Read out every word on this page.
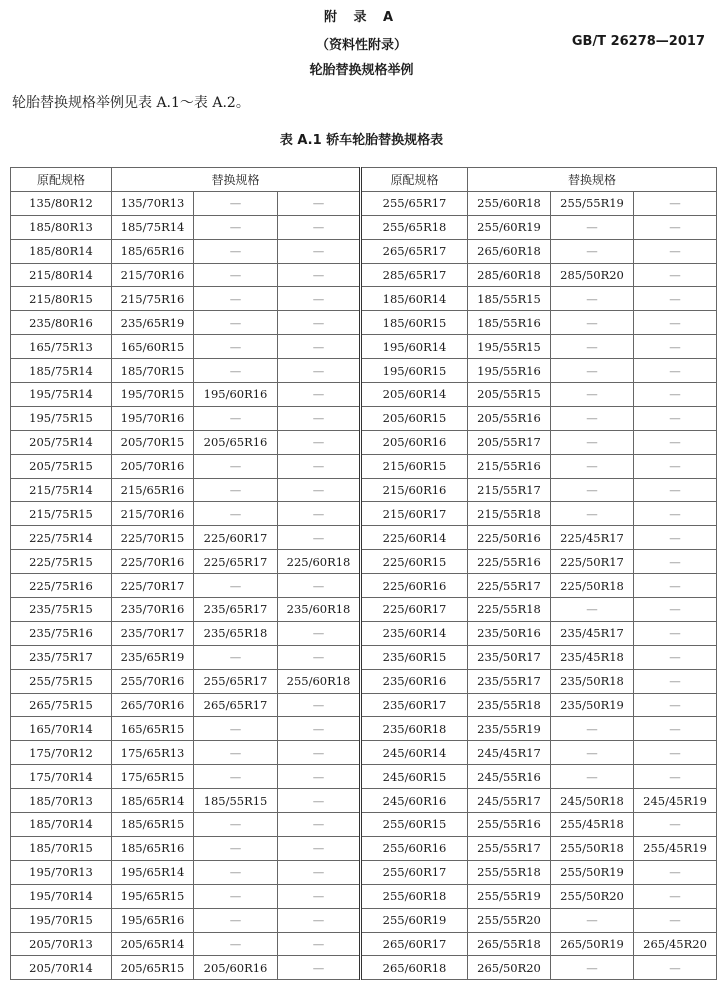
附 录 A
（资料性附录）	GB/T 26278—2017
轮胎替换规格举例
轮胎替换规格举例见表 A.1～表 A.2。
表 A.1 轿车轮胎替换规格表
原配规格	替换规格			原配规格	替换规格		
135/80R12	135/70R13	—	—	255/65R17	255/60R18	255/55R19	—
185/80R13	185/75R14	—	—	255/65R18	255/60R19	—	—
185/80R14	185/65R16	—	—	265/65R17	265/60R18	—	—
215/80R14	215/70R16	—	—	285/65R17	285/60R18	285/50R20	—
215/80R15	215/75R16	—	—	185/60R14	185/55R15	—	—
235/80R16	235/65R19	—	—	185/60R15	185/55R16	—	—
165/75R13	165/60R15	—	—	195/60R14	195/55R15	—	—
185/75R14	185/70R15	—	—	195/60R15	195/55R16	—	—
195/75R14	195/70R15	195/60R16	—	205/60R14	205/55R15	—	—
195/75R15	195/70R16	—	—	205/60R15	205/55R16	—	—
205/75R14	205/70R15	205/65R16	—	205/60R16	205/55R17	—	—
205/75R15	205/70R16	—	—	215/60R15	215/55R16	—	—
215/75R14	215/65R16	—	—	215/60R16	215/55R17	—	—
215/75R15	215/70R16	—	—	215/60R17	215/55R18	—	—
225/75R14	225/70R15	225/60R17	—	225/60R14	225/50R16	225/45R17	—
225/75R15	225/70R16	225/65R17	225/60R18	225/60R15	225/55R16	225/50R17	—
225/75R16	225/70R17	—	—	225/60R16	225/55R17	225/50R18	—
235/75R15	235/70R16	235/65R17	235/60R18	225/60R17	225/55R18	—	—
235/75R16	235/70R17	235/65R18	—	235/60R14	235/50R16	235/45R17	—
235/75R17	235/65R19	—	—	235/60R15	235/50R17	235/45R18	—
255/75R15	255/70R16	255/65R17	255/60R18	235/60R16	235/55R17	235/50R18	—
265/75R15	265/70R16	265/65R17	—	235/60R17	235/55R18	235/50R19	—
165/70R14	165/65R15	—	—	235/60R18	235/55R19	—	—
175/70R12	175/65R13	—	—	245/60R14	245/45R17	—	—
175/70R14	175/65R15	—	—	245/60R15	245/55R16	—	—
185/70R13	185/65R14	185/55R15	—	245/60R16	245/55R17	245/50R18	245/45R19
185/70R14	185/65R15	—	—	255/60R15	255/55R16	255/45R18	—
185/70R15	185/65R16	—	—	255/60R16	255/55R17	255/50R18	255/45R19
195/70R13	195/65R14	—	—	255/60R17	255/55R18	255/50R19	—
195/70R14	195/65R15	—	—	255/60R18	255/55R19	255/50R20	—
195/70R15	195/65R16	—	—	255/60R19	255/55R20	—	—
205/70R13	205/65R14	—	—	265/60R17	265/55R18	265/50R19	265/45R20
205/70R14	205/65R15	205/60R16	—	265/60R18	265/50R20	—	—
